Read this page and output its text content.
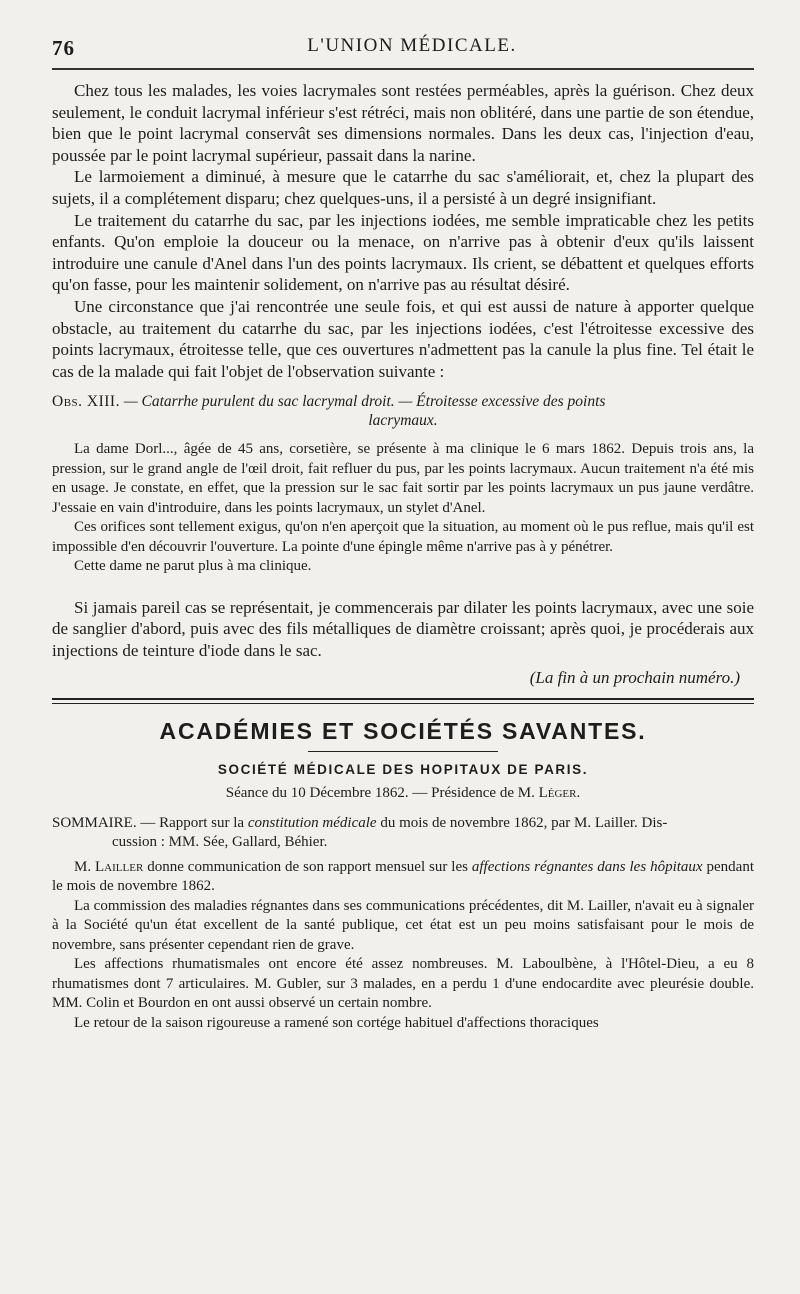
76	L'UNION MÉDICALE.

Chez tous les malades, les voies lacrymales sont restées perméables, après la guérison. Chez deux seulement, le conduit lacrymal inférieur s'est rétréci, mais non oblitéré, dans une partie de son étendue, bien que le point lacrymal conservât ses dimensions normales. Dans les deux cas, l'injection d'eau, poussée par le point lacrymal supérieur, passait dans la narine.

Le larmoiement a diminué, à mesure que le catarrhe du sac s'améliorait, et, chez la plupart des sujets, il a complétement disparu; chez quelques-uns, il a persisté à un degré insignifiant.

Le traitement du catarrhe du sac, par les injections iodées, me semble impraticable chez les petits enfants. Qu'on emploie la douceur ou la menace, on n'arrive pas à obtenir d'eux qu'ils laissent introduire une canule d'Anel dans l'un des points lacrymaux. Ils crient, se débattent et quelques efforts qu'on fasse, pour les maintenir solidement, on n'arrive pas au résultat désiré.

Une circonstance que j'ai rencontrée une seule fois, et qui est aussi de nature à apporter quelque obstacle, au traitement du catarrhe du sac, par les injections iodées, c'est l'étroitesse excessive des points lacrymaux, étroitesse telle, que ces ouvertures n'admettent pas la canule la plus fine. Tel était le cas de la malade qui fait l'objet de l'observation suivante :

Obs. XIII. — Catarrhe purulent du sac lacrymal droit. — Étroitesse excessive des points
lacrymaux.

La dame Dorl..., âgée de 45 ans, corsetière, se présente à ma clinique le 6 mars 1862. Depuis trois ans, la pression, sur le grand angle de l'œil droit, fait refluer du pus, par les points lacrymaux. Aucun traitement n'a été mis en usage. Je constate, en effet, que la pression sur le sac fait sortir par les points lacrymaux un pus jaune verdâtre. J'essaie en vain d'introduire, dans les points lacrymaux, un stylet d'Anel.

Ces orifices sont tellement exigus, qu'on n'en aperçoit que la situation, au moment où le pus reflue, mais qu'il est impossible d'en découvrir l'ouverture. La pointe d'une épingle même n'arrive pas à y pénétrer.

Cette dame ne parut plus à ma clinique.

Si jamais pareil cas se représentait, je commencerais par dilater les points lacrymaux, avec une soie de sanglier d'abord, puis avec des fils métalliques de diamètre croissant; après quoi, je procéderais aux injections de teinture d'iode dans le sac.

(La fin à un prochain numéro.)
ACADÉMIES ET SOCIÉTÉS SAVANTES.
SOCIÉTÉ MÉDICALE DES HOPITAUX DE PARIS.
Séance du 10 Décembre 1862. — Présidence de M. Léger.
SOMMAIRE. — Rapport sur la constitution médicale du mois de novembre 1862, par M. Lailler. Dis-
cussion : MM. Sée, Gallard, Béhier.

M. Lailler donne communication de son rapport mensuel sur les affections régnantes dans les hôpitaux pendant le mois de novembre 1862.

La commission des maladies régnantes dans ses communications précédentes, dit M. Lailler, n'avait eu à signaler à la Société qu'un état excellent de la santé publique, cet état est un peu moins satisfaisant pour le mois de novembre, sans présenter cependant rien de grave.

Les affections rhumatismales ont encore été assez nombreuses. M. Laboulbène, à l'Hôtel-Dieu, a eu 8 rhumatismes dont 7 articulaires. M. Gubler, sur 3 malades, en a perdu 1 d'une endocardite avec pleurésie double. MM. Colin et Bourdon en ont aussi observé un certain nombre.

Le retour de la saison rigoureuse a ramené son cortége habituel d'affections thoraciques
